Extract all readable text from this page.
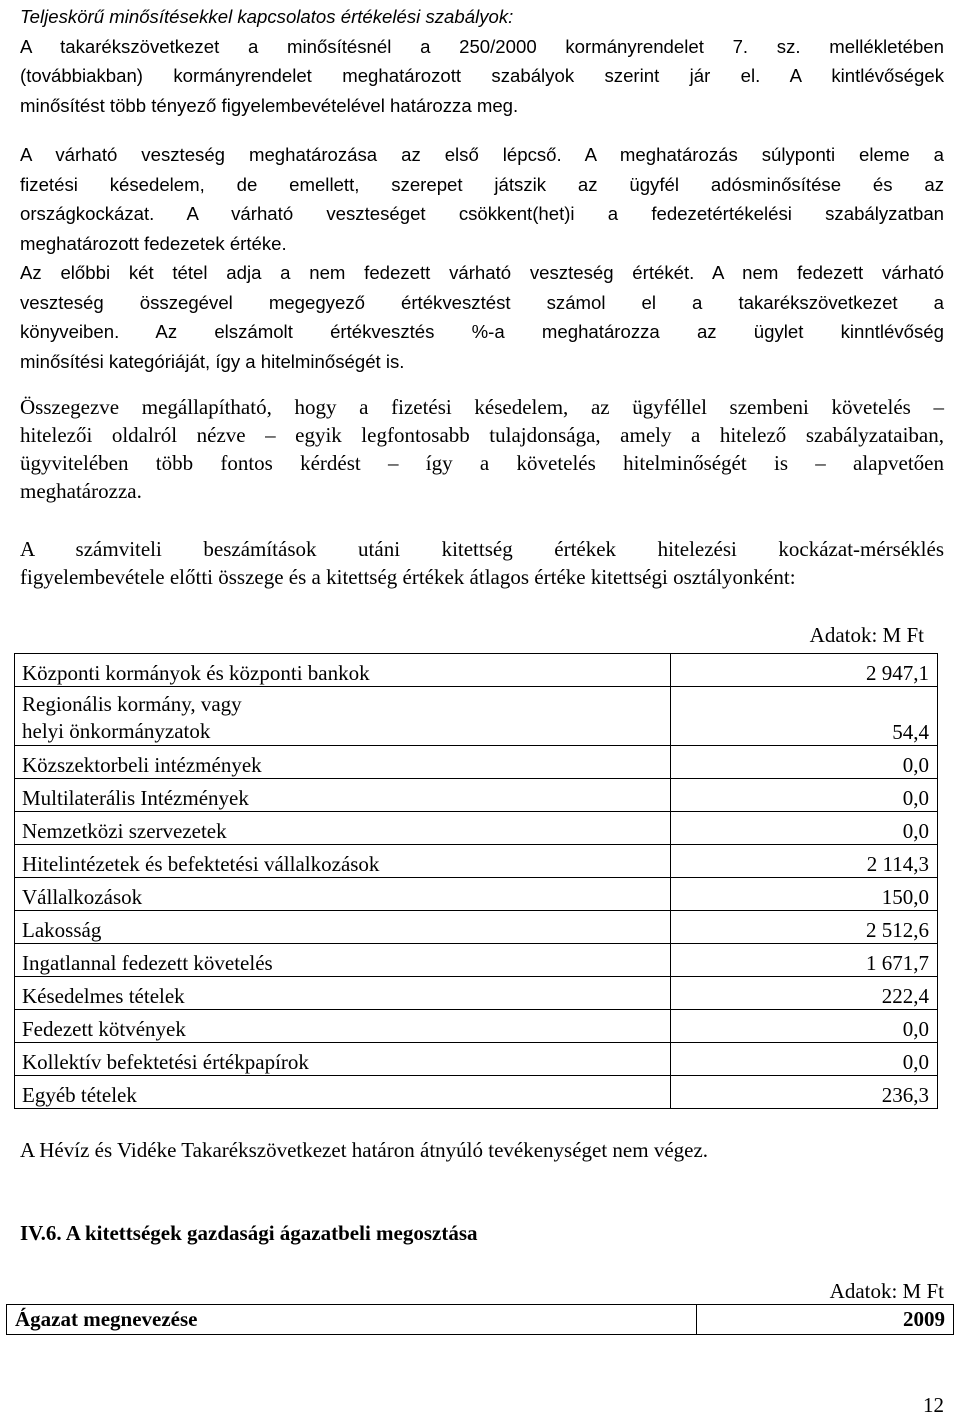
Teljeskörű minősítésekkel kapcsolatos értékelési szabályok:
A takarékszövetkezet a minősítésnél a 250/2000 kormányrendelet 7. sz. mellékletében
(továbbiakban) kormányrendelet meghatározott szabályok szerint jár el. A kintlévőségek
minősítést több tényező figyelembevételével határozza meg.
A várható veszteség meghatározása az első lépcső. A meghatározás súlyponti eleme a
fizetési késedelem, de emellett, szerepet játszik az ügyfél adósminősítése és az
országkockázat. A várható veszteséget csökkent(het)i a fedezetértékelési szabályzatban
meghatározott fedezetek értéke.
Az előbbi két tétel adja a nem fedezett várható veszteség értékét. A nem fedezett várható
veszteség összegével megegyező értékvesztést számol el a takarékszövetkezet a
könyveiben. Az elszámolt értékvesztés %-a meghatározza az ügylet kinntlévőség
minősítési kategóriáját, így a hitelminőségét is.
Összegezve megállapítható, hogy a fizetési késedelem, az ügyféllel szembeni követelés –
hitelezői oldalról nézve – egyik legfontosabb tulajdonsága, amely a hitelező szabályzataiban,
ügyvitelében több fontos kérdést – így a követelés hitelminőségét is – alapvetően
meghatározza.
A számviteli beszámítások utáni kitettség értékek hitelezési kockázat-mérséklés
figyelembevétele előtti összege és a kitettség értékek átlagos értéke kitettségi osztályonként:
Adatok: M Ft
Központi kormányok és központi bankok	2 947,1

Regionális kormány, vagy
helyi önkormányzatok	54,4
Közszektorbeli intézmények	0,0
Multilaterális Intézmények	0,0
Nemzetközi szervezetek	0,0
Hitelintézetek és befektetési vállalkozások	2 114,3
Vállalkozások	150,0
Lakosság	2 512,6
Ingatlannal fedezett követelés	1 671,7
Késedelmes tételek	222,4
Fedezett kötvények	0,0
Kollektív befektetési értékpapírok	0,0
Egyéb tételek	236,3
A Hévíz és Vidéke Takarékszövetkezet határon átnyúló tevékenységet nem végez.
IV.6. A kitettségek gazdasági ágazatbeli megosztása
Adatok: M Ft
Ágazat megnevezése	2009
12
